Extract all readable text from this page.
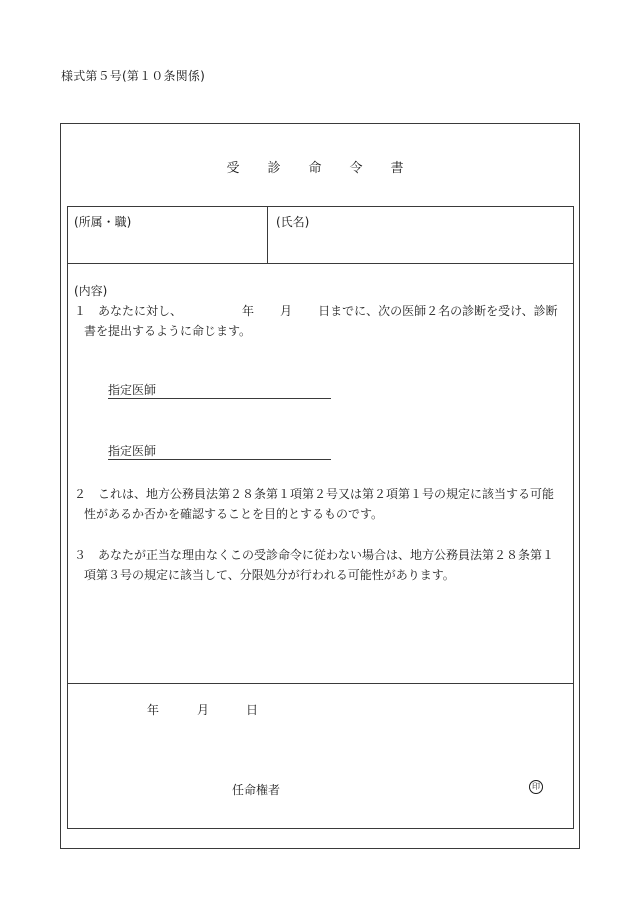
様式第５号(第１０条関係)
受診命令書
(所属・職)	(氏名)
(内容)
１ あなたに対し、	年 月 日までに、次の医師２名の診断を受け、診断
書を提出するように命じます。
指定医師
指定医師
２　これは、地方公務員法第２８条第１項第２号又は第２項第１号の規定に該当する可能
性があるか否かを確認することを目的とするものです。
３　あなたが正当な理由なくこの受診命令に従わない場合は、地方公務員法第２８条第１
項第３号の規定に該当して、分限処分が行われる可能性があります。
年	月	日
任命権者	印
